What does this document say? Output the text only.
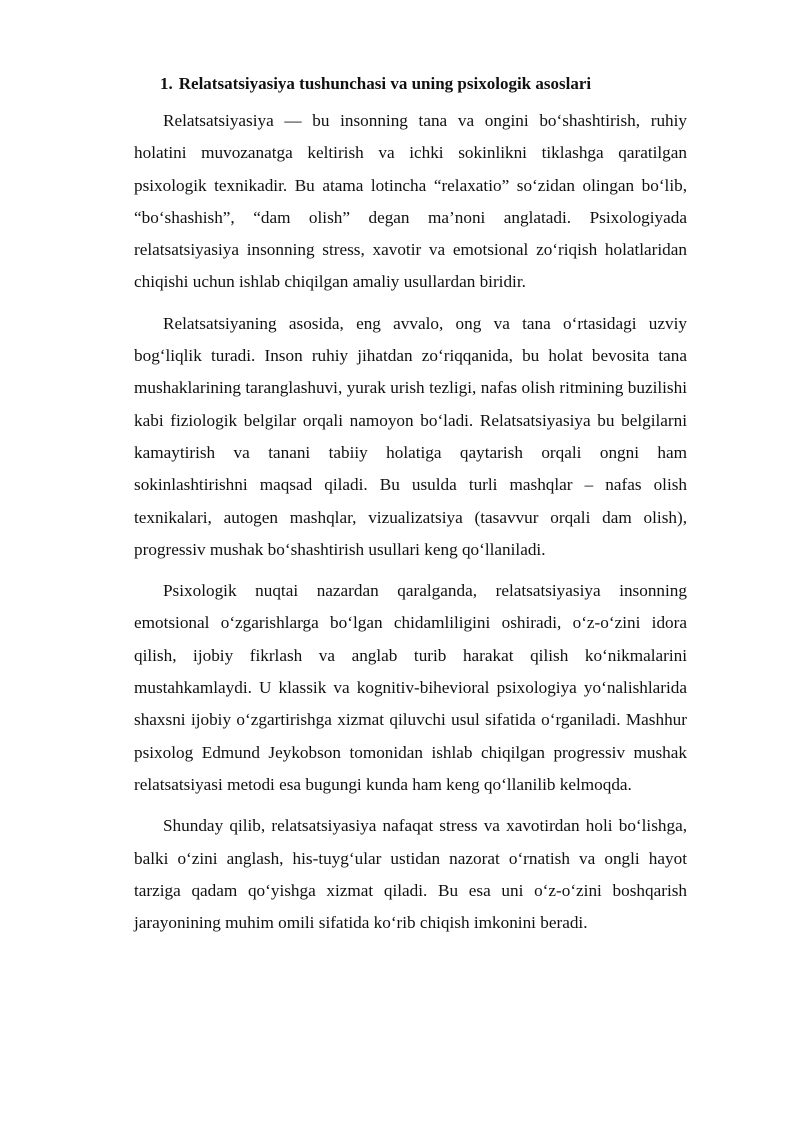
1. Relatsatsiyasiya tushunchasi va uning psixologik asoslari

Relatsatsiyasiya — bu insonning tana va ongini bo‘shashtirish, ruhiy holatini muvozanatga keltirish va ichki sokinlikni tiklashga qaratilgan psixologik texnikadir. Bu atama lotincha “relaxatio” so‘zidan olingan bo‘lib, “bo‘shashish”, “dam olish” degan ma’noni anglatadi. Psixologiyada relatsatsiyasiya insonning stress, xavotir va emotsional zo‘riqish holatlaridan chiqishi uchun ishlab chiqilgan amaliy usullardan biridir.

Relatsatsiyaning asosida, eng avvalo, ong va tana o‘rtasidagi uzviy bog‘liqlik turadi. Inson ruhiy jihatdan zo‘riqqanida, bu holat bevosita tana mushaklarining taranglashuvi, yurak urish tezligi, nafas olish ritmining buzilishi kabi fiziologik belgilar orqali namoyon bo‘ladi. Relatsatsiyasiya bu belgilarni kamaytirish va tanani tabiiy holatiga qaytarish orqali ongni ham sokinlashtirishni maqsad qiladi. Bu usulda turli mashqlar – nafas olish texnikalari, autogen mashqlar, vizualizatsiya (tasavvur orqali dam olish), progressiv mushak bo‘shashtirish usullari keng qo‘llaniladi.

Psixologik nuqtai nazardan qaralganda, relatsatsiyasiya insonning emotsional o‘zgarishlarga bo‘lgan chidamliligini oshiradi, o‘z-o‘zini idora qilish, ijobiy fikrlash va anglab turib harakat qilish ko‘nikmalarini mustahkamlaydi. U klassik va kognitiv-bihevioral psixologiya yo‘nalishlarida shaxsni ijobiy o‘zgartirishga xizmat qiluvchi usul sifatida o‘rganiladi. Mashhur psixolog Edmund Jeykobson tomonidan ishlab chiqilgan progressiv mushak relatsatsiyasi metodi esa bugungi kunda ham keng qo‘llanilib kelmoqda.

Shunday qilib, relatsatsiyasiya nafaqat stress va xavotirdan holi bo‘lishga, balki o‘zini anglash, his-tuyg‘ular ustidan nazorat o‘rnatish va ongli hayot tarziga qadam qo‘yishga xizmat qiladi. Bu esa uni o‘z-o‘zini boshqarish jarayonining muhim omili sifatida ko‘rib chiqish imkonini beradi.
